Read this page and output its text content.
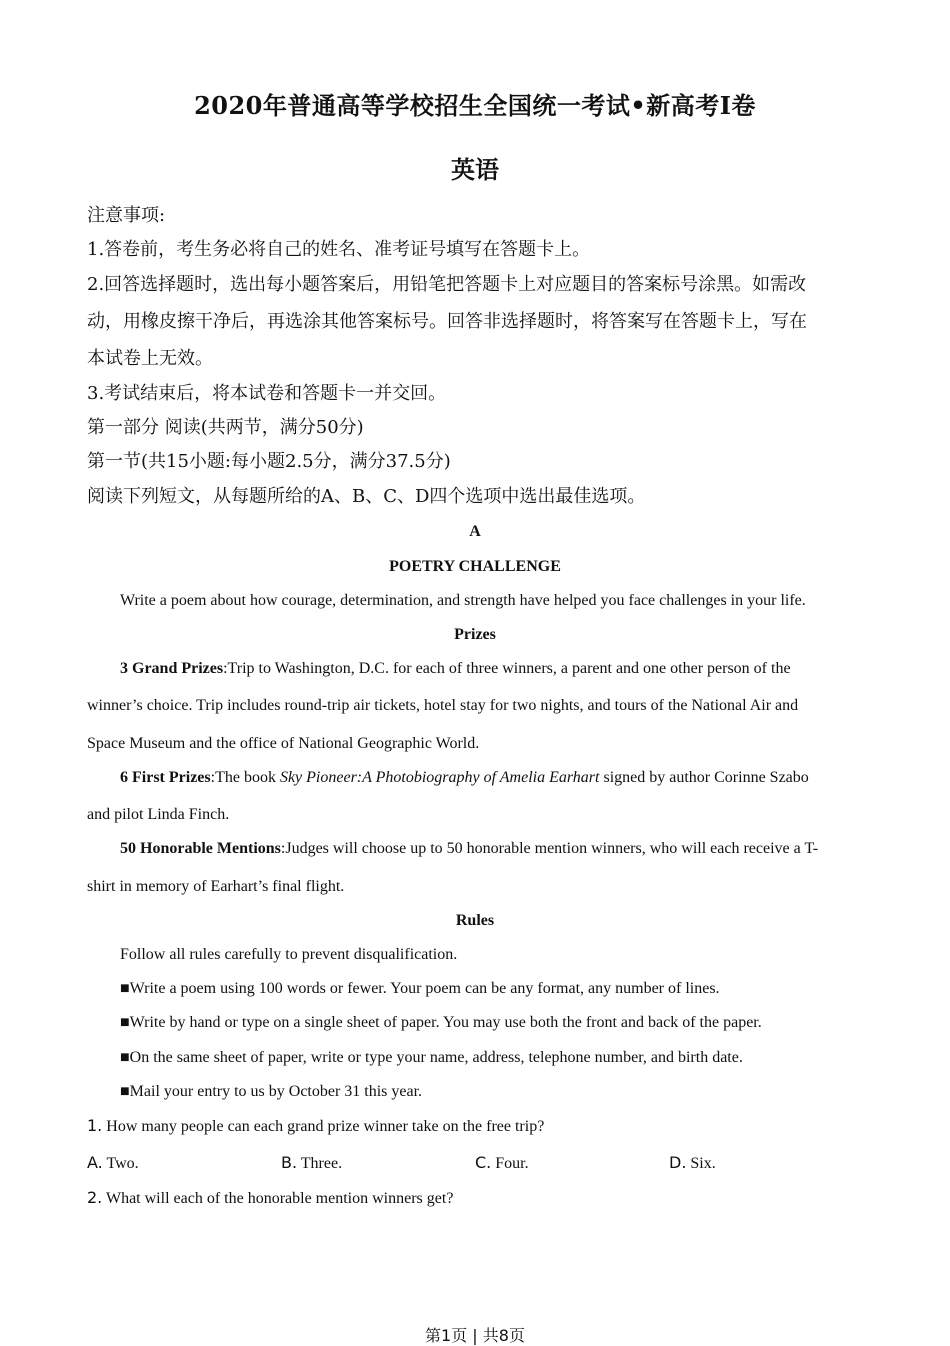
2020年普通高等学校招生全国统一考试•新高考Ⅰ卷
英语
注意事项:
1.答卷前，考生务必将自己的姓名、准考证号填写在答题卡上。
2.回答选择题时，选出每小题答案后，用铅笔把答题卡上对应题目的答案标号涂黑。如需改
动，用橡皮擦干净后，再选涂其他答案标号。回答非选择题时，将答案写在答题卡上，写在
本试卷上无效。
3.考试结束后，将本试卷和答题卡一并交回。
第一部分 阅读(共两节，满分50分)
第一节(共15小题:每小题2.5分，满分37.5分)
阅读下列短文，从每题所给的A、B、C、D四个选项中选出最佳选项。
A
POETRY CHALLENGE
Write a poem about how courage, determination, and strength have helped you face challenges in your life.
Prizes
3 Grand Prizes:Trip to Washington, D.C. for each of three winners, a parent and one other person of the
winner’s choice. Trip includes round-trip air tickets, hotel stay for two nights, and tours of the National Air and
Space Museum and the office of National Geographic World.
6 First Prizes:The book Sky Pioneer:A Photobiography of Amelia Earhart signed by author Corinne Szabo
and pilot Linda Finch.
50 Honorable Mentions:Judges will choose up to 50 honorable mention winners, who will each receive a T-
shirt in memory of Earhart’s final flight.
Rules
Follow all rules carefully to prevent disqualification.
■Write a poem using 100 words or fewer. Your poem can be any format, any number of lines.
■Write by hand or type on a single sheet of paper. You may use both the front and back of the paper.
■On the same sheet of paper, write or type your name, address, telephone number, and birth date.
■Mail your entry to us by October 31 this year.
1. How many people can each grand prize winner take on the free trip?
A. Two.	B. Three.	C. Four.	D. Six.
2. What will each of the honorable mention winners get?
第1页 | 共8页
